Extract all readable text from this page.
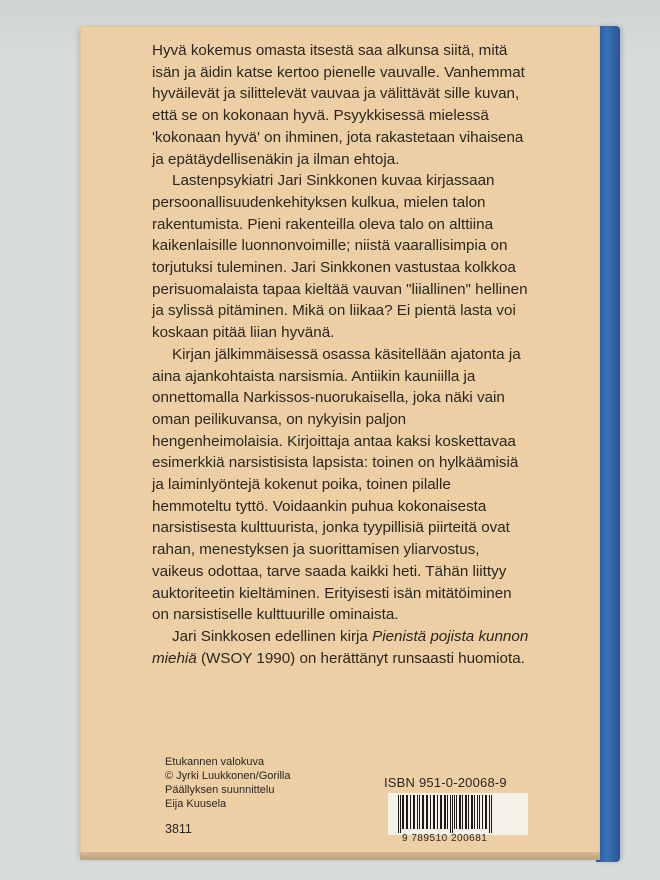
Hyvä kokemus omasta itsestä saa alkunsa siitä, mitä isän ja äidin katse kertoo pienelle vauvalle. Vanhemmat hyväilevät ja silittelevät vauvaa ja välittävät sille kuvan, että se on kokonaan hyvä. Psyykkisessä mielessä 'kokonaan hyvä' on ihminen, jota rakastetaan vihaisena ja epätäydellisenäkin ja ilman ehtoja.

Lastenpsykiatri Jari Sinkkonen kuvaa kirjassaan persoonallisuudenkehityksen kulkua, mielen talon rakentumista. Pieni rakenteilla oleva talo on alttiina kaikenlaisille luonnonvoimille; niistä vaarallisimpia on torjutuksi tuleminen. Jari Sinkkonen vastustaa kolkkoa perisuomalaista tapaa kieltää vauvan "liiallinen" hellinen ja sylissä pitäminen. Mikä on liikaa? Ei pientä lasta voi koskaan pitää liian hyvänä.

Kirjan jälkimmäisessä osassa käsitellään ajatonta ja aina ajankohtaista narsismia. Antiikin kauniilla ja onnettomalla Narkissos-nuorukaisella, joka näki vain oman peilikuvansa, on nykyisin paljon hengenheimolaisia. Kirjoittaja antaa kaksi koskettavaa esimerkkiä narsistisista lapsista: toinen on hylkäämisiä ja laiminlyöntejä kokenut poika, toinen pilalle hemmoteltu tyttö. Voidaankin puhua kokonaisesta narsistisesta kulttuurista, jonka tyypillisiä piirteitä ovat rahan, menestyksen ja suorittamisen yliarvostus, vaikeus odottaa, tarve saada kaikki heti. Tähän liittyy auktoriteetin kieltäminen. Erityisesti isän mitätöiminen on narsistiselle kulttuurille ominaista.

Jari Sinkkosen edellinen kirja Pienistä pojista kunnon miehiä (WSOY 1990) on herättänyt runsaasti huomiota.

Etukannen valokuva
© Jyrki Luukkonen/Gorilla
Päällyksen suunnittelu
Eija Kuusela
3811
ISBN 951-0-20068-9
9 789510 200681
